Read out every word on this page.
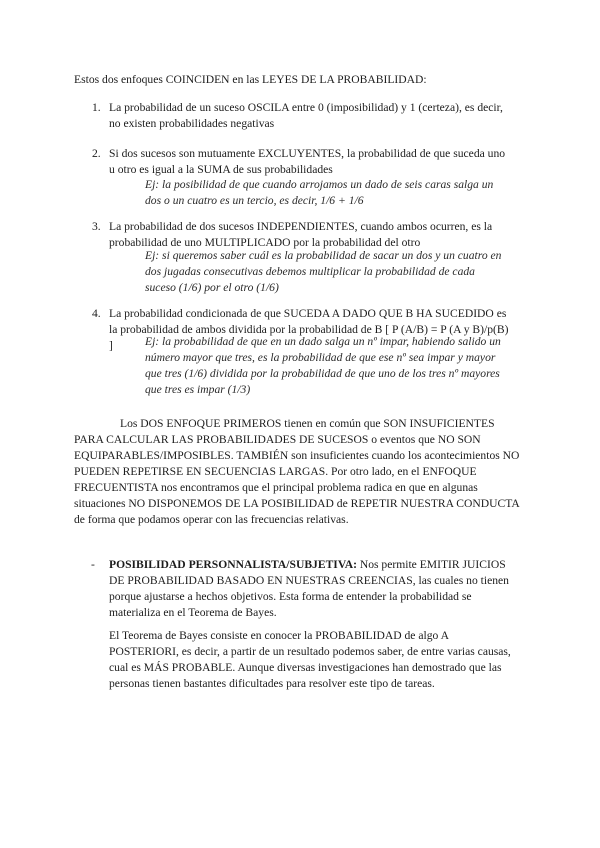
Estos dos enfoques COINCIDEN en las LEYES DE LA PROBABILIDAD:
1. La probabilidad de un suceso OSCILA entre 0 (imposibilidad) y 1 (certeza), es decir, no existen probabilidades negativas
2. Si dos sucesos son mutuamente EXCLUYENTES, la probabilidad de que suceda uno u otro es igual a la SUMA de sus probabilidades
Ej: la posibilidad de que cuando arrojamos un dado de seis caras salga un dos o un cuatro es un tercio, es decir, 1/6 + 1/6
3. La probabilidad de dos sucesos INDEPENDIENTES, cuando ambos ocurren, es la probabilidad de uno MULTIPLICADO por la probabilidad del otro
Ej: si queremos saber cuál es la probabilidad de sacar un dos y un cuatro en dos jugadas consecutivas debemos multiplicar la probabilidad de cada suceso (1/6) por el otro (1/6)
4. La probabilidad condicionada de que SUCEDA A DADO QUE B HA SUCEDIDO es la probabilidad de ambos dividida por la probabilidad de B [ P (A/B) = P (A y B)/p(B) ]	Ej: la probabilidad de que en un dado salga un nº impar, habiendo salido un número mayor que tres, es la probabilidad de que ese nº sea impar y mayor que tres (1/6) dividida por la probabilidad de que uno de los tres nº mayores que tres es impar (1/3)
Los DOS ENFOQUE PRIMEROS tienen en común que SON INSUFICIENTES PARA CALCULAR LAS PROBABILIDADES DE SUCESOS o eventos que NO SON EQUIPARABLES/IMPOSIBLES. TAMBIÉN son insuficientes cuando los acontecimientos NO PUEDEN REPETIRSE EN SECUENCIAS LARGAS. Por otro lado, en el ENFOQUE FRECUENTISTA nos encontramos que el principal problema radica en que en algunas situaciones NO DISPONEMOS DE LA POSIBILIDAD de REPETIR NUESTRA CONDUCTA de forma que podamos operar con las frecuencias relativas.
- POSIBILIDAD PERSONNALISTA/SUBJETIVA: Nos permite EMITIR JUICIOS DE PROBABILIDAD BASADO EN NUESTRAS CREENCIAS, las cuales no tienen porque ajustarse a hechos objetivos. Esta forma de entender la probabilidad se materializa en el Teorema de Bayes.
El Teorema de Bayes consiste en conocer la PROBABILIDAD de algo A POSTERIORI, es decir, a partir de un resultado podemos saber, de entre varias causas, cual es MÁS PROBABLE. Aunque diversas investigaciones han demostrado que las personas tienen bastantes dificultades para resolver este tipo de tareas.
